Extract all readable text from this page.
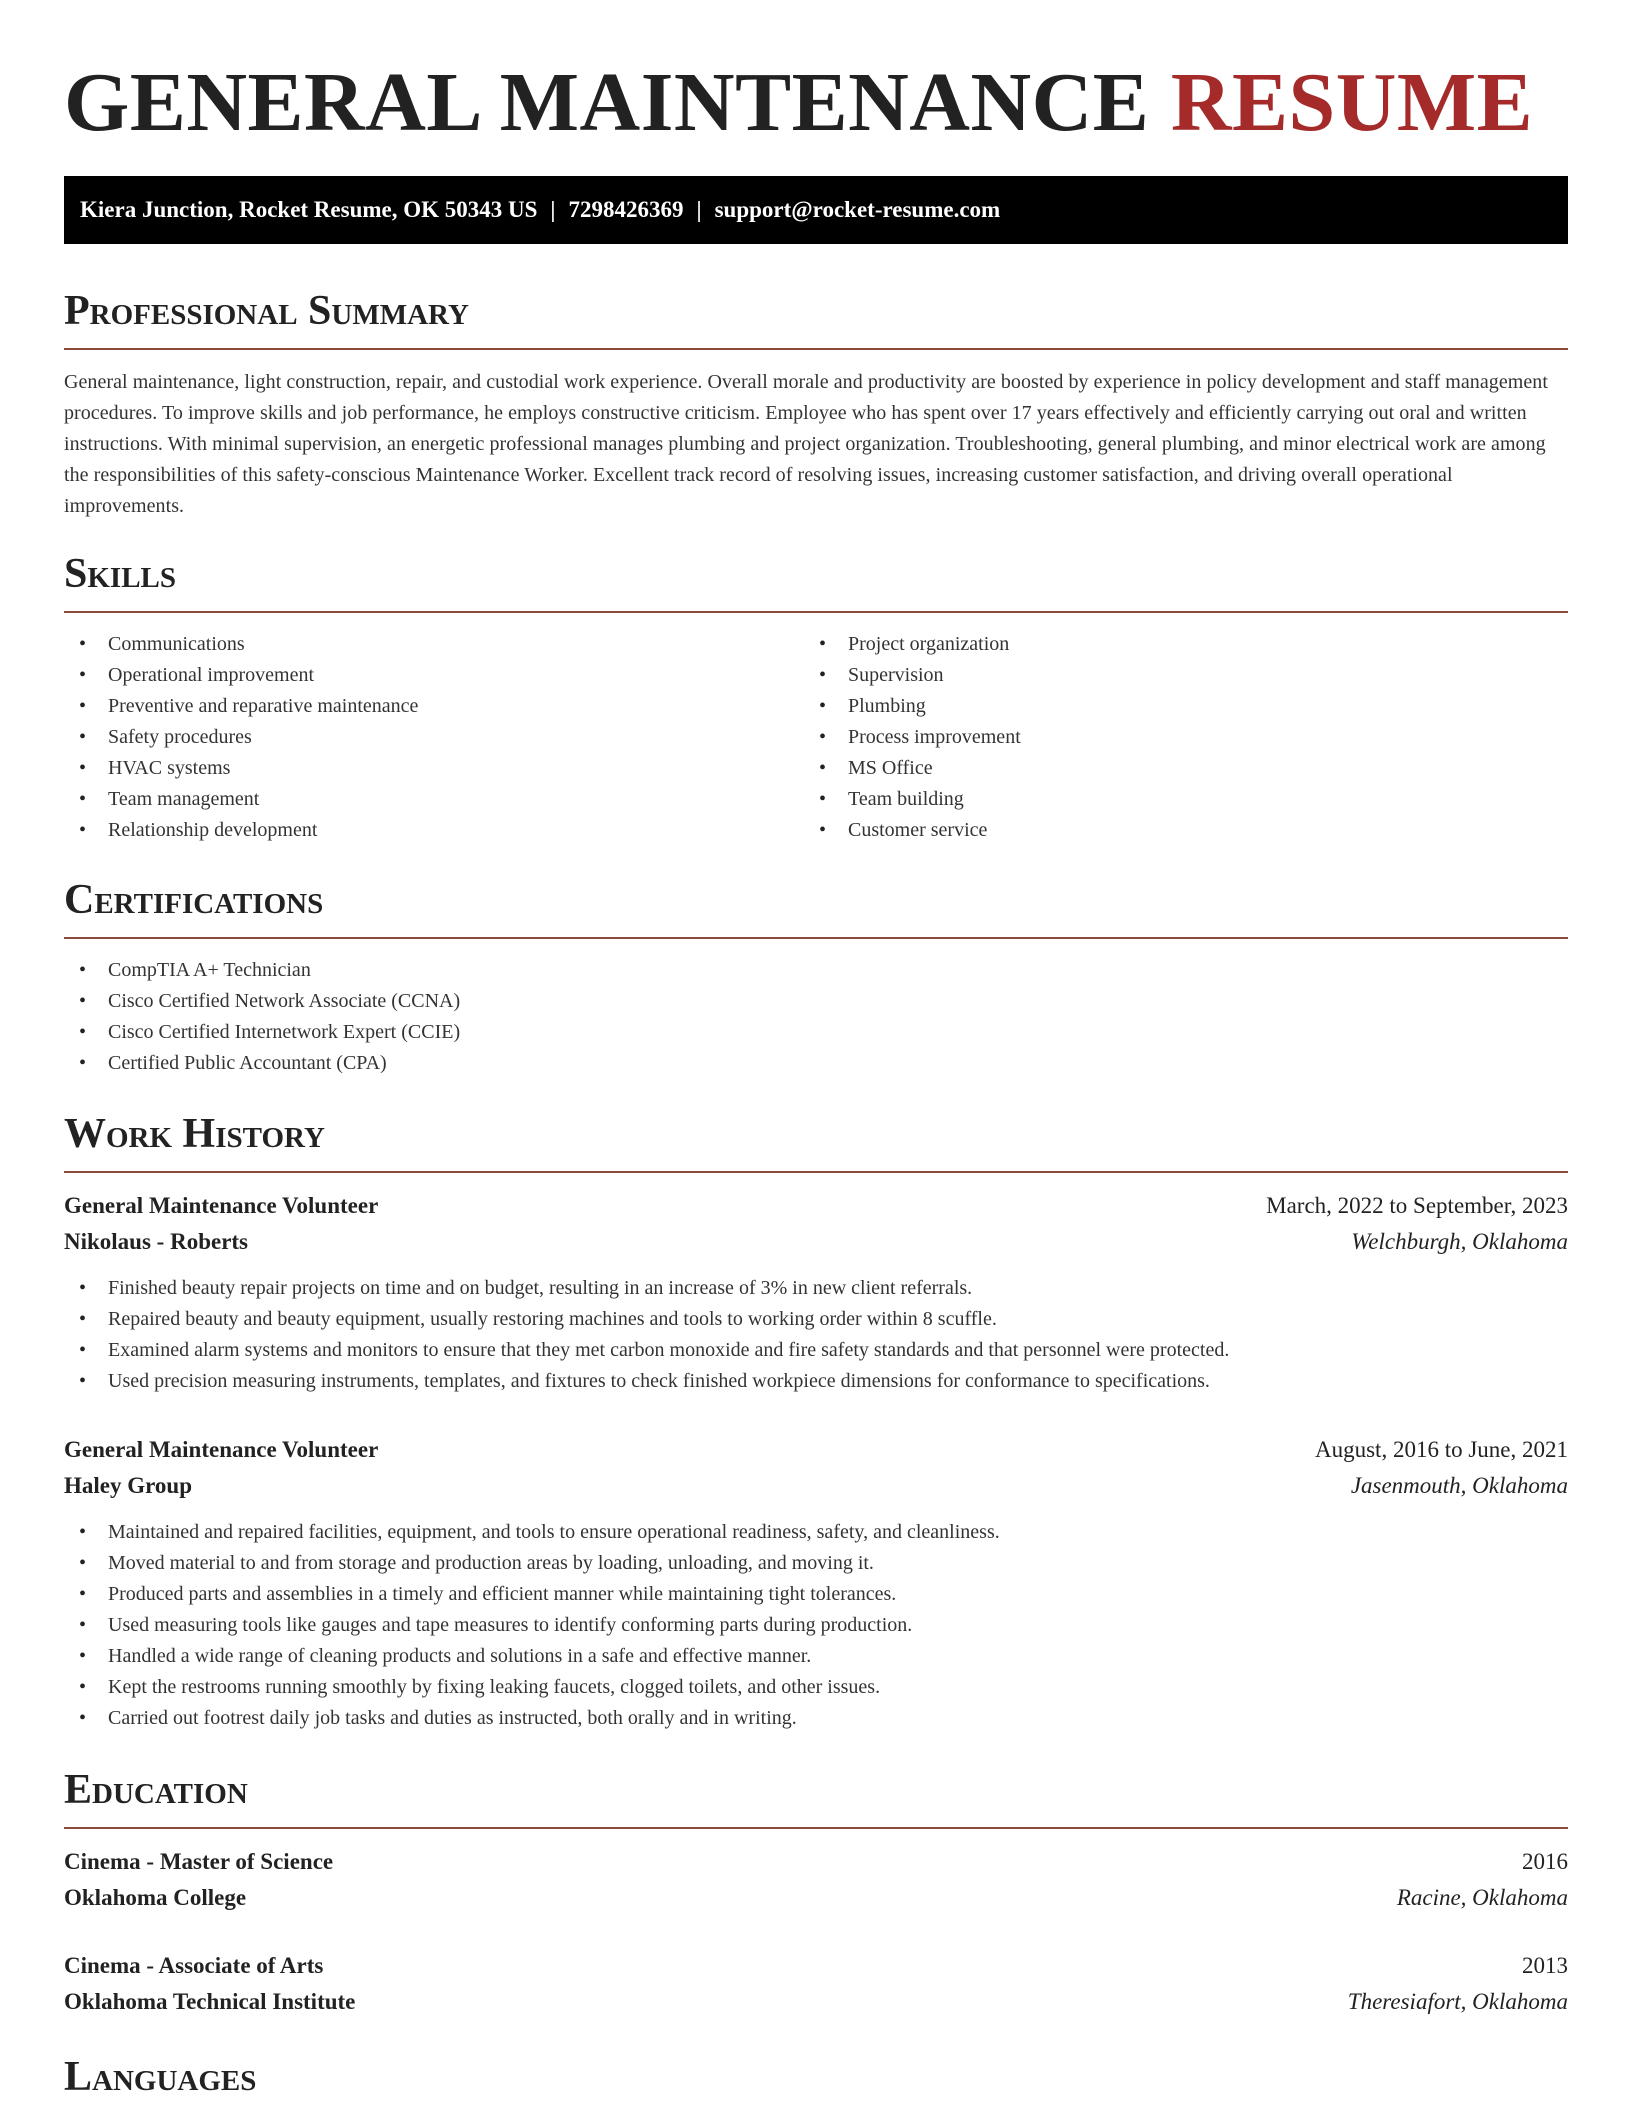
GENERAL MAINTENANCE RESUME
Kiera Junction, Rocket Resume, OK 50343 US | 7298426369 | support@rocket-resume.com
Professional Summary

General maintenance, light construction, repair, and custodial work experience. Overall morale and productivity are boosted by experience in policy development and staff management procedures. To improve skills and job performance, he employs constructive criticism. Employee who has spent over 17 years effectively and efficiently carrying out oral and written instructions. With minimal supervision, an energetic professional manages plumbing and project organization. Troubleshooting, general plumbing, and minor electrical work are among the responsibilities of this safety-conscious Maintenance Worker. Excellent track record of resolving issues, increasing customer satisfaction, and driving overall operational improvements.

Skills
• Communications
• Operational improvement
• Preventive and reparative maintenance
• Safety procedures
• HVAC systems
• Team management
• Relationship development
• Project organization
• Supervision
• Plumbing
• Process improvement
• MS Office
• Team building
• Customer service
Certifications
• CompTIA A+ Technician
• Cisco Certified Network Associate (CCNA)
• Cisco Certified Internetwork Expert (CCIE)
• Certified Public Accountant (CPA)
Work History
General Maintenance Volunteer	March, 2022 to September, 2023
Nikolaus - Roberts	Welchburgh, Oklahoma
• Finished beauty repair projects on time and on budget, resulting in an increase of 3% in new client referrals.
• Repaired beauty and beauty equipment, usually restoring machines and tools to working order within 8 scuffle.
• Examined alarm systems and monitors to ensure that they met carbon monoxide and fire safety standards and that personnel were protected.
• Used precision measuring instruments, templates, and fixtures to check finished workpiece dimensions for conformance to specifications.
General Maintenance Volunteer	August, 2016 to June, 2021
Haley Group	Jasenmouth, Oklahoma
• Maintained and repaired facilities, equipment, and tools to ensure operational readiness, safety, and cleanliness.
• Moved material to and from storage and production areas by loading, unloading, and moving it.
• Produced parts and assemblies in a timely and efficient manner while maintaining tight tolerances.
• Used measuring tools like gauges and tape measures to identify conforming parts during production.
• Handled a wide range of cleaning products and solutions in a safe and effective manner.
• Kept the restrooms running smoothly by fixing leaking faucets, clogged toilets, and other issues.
• Carried out footrest daily job tasks and duties as instructed, both orally and in writing.
Education
Cinema - Master of Science	2016
Oklahoma College	Racine, Oklahoma
Cinema - Associate of Arts	2013
Oklahoma Technical Institute	Theresiafort, Oklahoma
Languages
